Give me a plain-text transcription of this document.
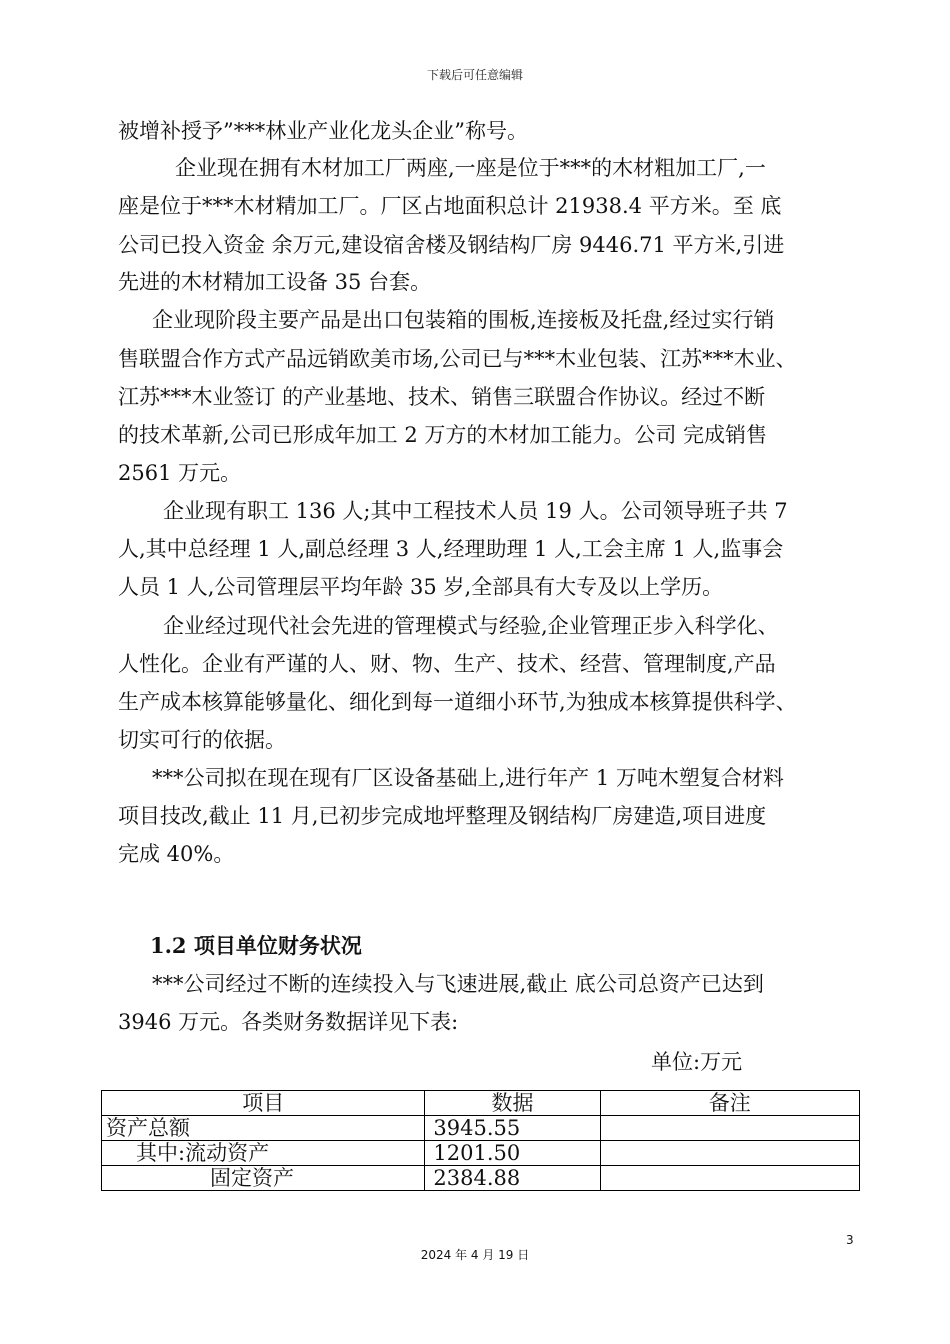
下载后可任意编辑
被增补授予”***林业产业化龙头企业”称号。
企业现在拥有木材加工厂两座,一座是位于***的木材粗加工厂,一
座是位于***木材精加工厂。厂区占地面积总计 21938.4 平方米。至 底
公司已投入资金 余万元,建设宿舍楼及钢结构厂房 9446.71 平方米,引进
先进的木材精加工设备 35 台套。
企业现阶段主要产品是出口包装箱的围板,连接板及托盘,经过实行销
售联盟合作方式产品远销欧美市场,公司已与***木业包装、江苏***木业、
江苏***木业签订 的产业基地、技术、销售三联盟合作协议。经过不断
的技术革新,公司已形成年加工 2 万方的木材加工能力。公司 完成销售
2561 万元。
企业现有职工 136 人;其中工程技术人员 19 人。公司领导班子共 7
人,其中总经理 1 人,副总经理 3 人,经理助理 1 人,工会主席 1 人,监事会
人员 1 人,公司管理层平均年龄 35 岁,全部具有大专及以上学历。
企业经过现代社会先进的管理模式与经验,企业管理正步入科学化、
人性化。企业有严谨的人、财、物、生产、技术、经营、管理制度,产品
生产成本核算能够量化、细化到每一道细小环节,为独成本核算提供科学、
切实可行的依据。
***公司拟在现在现有厂区设备基础上,进行年产 1 万吨木塑复合材料
项目技改,截止 11 月,已初步完成地坪整理及钢结构厂房建造,项目进度
完成 40%。
1.2 项目单位财务状况
***公司经过不断的连续投入与飞速进展,截止 底公司总资产已达到
3946 万元。各类财务数据详见下表:
单位:万元
项目	数据	备注
资产总额	3945.55	
其中:流动资产	1201.50	
固定资产	2384.88	
3
2024 年 4 月 19 日
